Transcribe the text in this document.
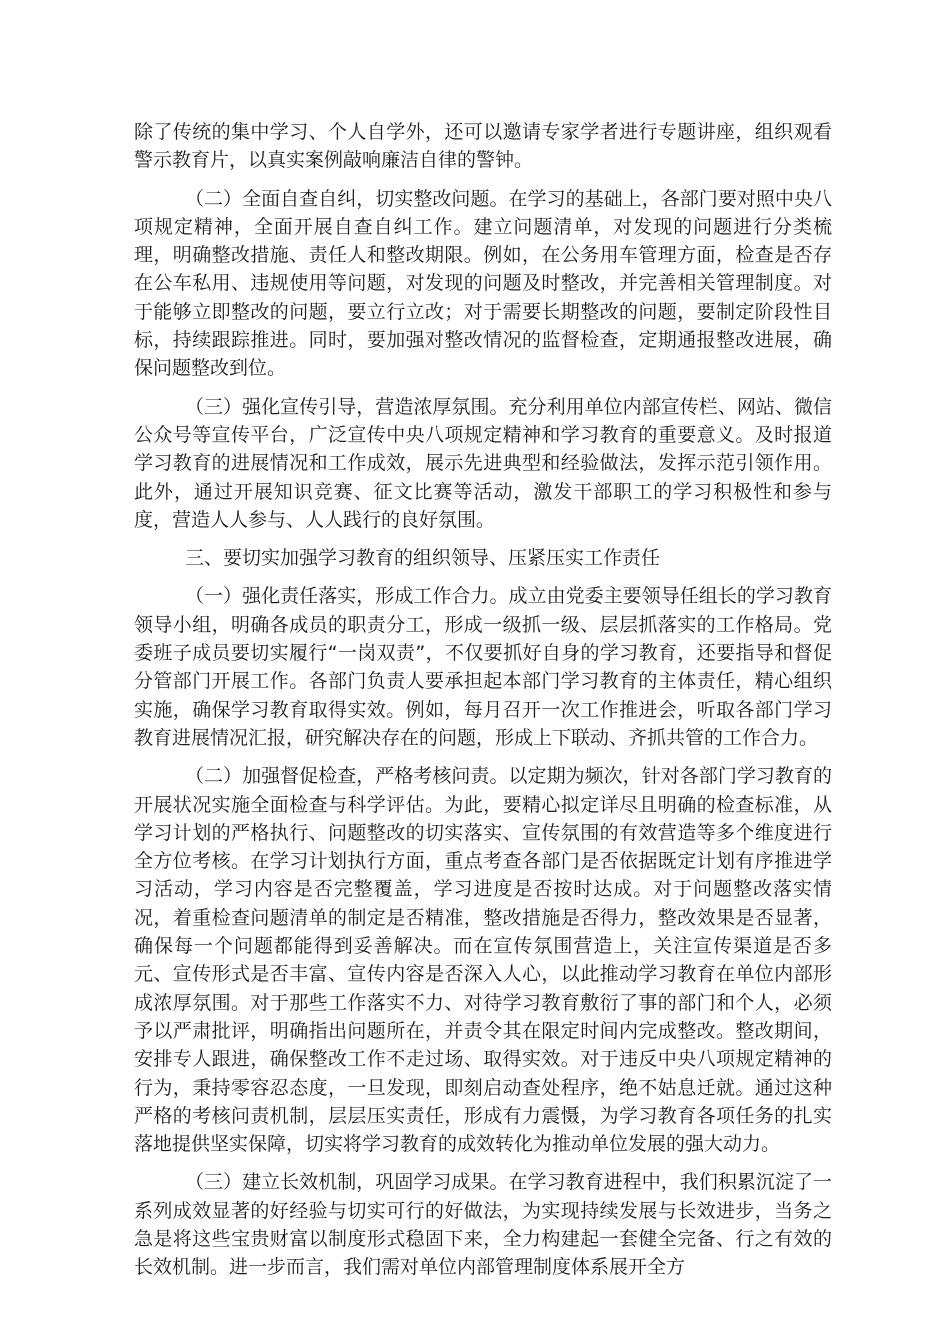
除了传统的集中学习、个人自学外，还可以邀请专家学者进行专题讲座，组织观看警示教育片，以真实案例敲响廉洁自律的警钟。

（二）全面自查自纠，切实整改问题。在学习的基础上，各部门要对照中央八项规定精神，全面开展自查自纠工作。建立问题清单，对发现的问题进行分类梳理，明确整改措施、责任人和整改期限。例如，在公务用车管理方面，检查是否存在公车私用、违规使用等问题，对发现的问题及时整改，并完善相关管理制度。对于能够立即整改的问题，要立行立改；对于需要长期整改的问题，要制定阶段性目标，持续跟踪推进。同时，要加强对整改情况的监督检查，定期通报整改进展，确保问题整改到位。

（三）强化宣传引导，营造浓厚氛围。充分利用单位内部宣传栏、网站、微信公众号等宣传平台，广泛宣传中央八项规定精神和学习教育的重要意义。及时报道学习教育的进展情况和工作成效，展示先进典型和经验做法，发挥示范引领作用。此外，通过开展知识竞赛、征文比赛等活动，激发干部职工的学习积极性和参与度，营造人人参与、人人践行的良好氛围。

三、要切实加强学习教育的组织领导、压紧压实工作责任

（一）强化责任落实，形成工作合力。成立由党委主要领导任组长的学习教育领导小组，明确各成员的职责分工，形成一级抓一级、层层抓落实的工作格局。党委班子成员要切实履行“一岗双责”，不仅要抓好自身的学习教育，还要指导和督促分管部门开展工作。各部门负责人要承担起本部门学习教育的主体责任，精心组织实施，确保学习教育取得实效。例如，每月召开一次工作推进会，听取各部门学习教育进展情况汇报，研究解决存在的问题，形成上下联动、齐抓共管的工作合力。

（二）加强督促检查，严格考核问责。以定期为频次，针对各部门学习教育的开展状况实施全面检查与科学评估。为此，要精心拟定详尽且明确的检查标准，从学习计划的严格执行、问题整改的切实落实、宣传氛围的有效营造等多个维度进行全方位考核。在学习计划执行方面，重点考查各部门是否依据既定计划有序推进学习活动，学习内容是否完整覆盖，学习进度是否按时达成。对于问题整改落实情况，着重检查问题清单的制定是否精准，整改措施是否得力，整改效果是否显著，确保每一个问题都能得到妥善解决。而在宣传氛围营造上，关注宣传渠道是否多元、宣传形式是否丰富、宣传内容是否深入人心，以此推动学习教育在单位内部形成浓厚氛围。对于那些工作落实不力、对待学习教育敷衍了事的部门和个人，必须予以严肃批评，明确指出问题所在，并责令其在限定时间内完成整改。整改期间，安排专人跟进，确保整改工作不走过场、取得实效。对于违反中央八项规定精神的行为，秉持零容忍态度，一旦发现，即刻启动查处程序，绝不姑息迁就。通过这种严格的考核问责机制，层层压实责任，形成有力震慑，为学习教育各项任务的扎实落地提供坚实保障，切实将学习教育的成效转化为推动单位发展的强大动力。

（三）建立长效机制，巩固学习成果。在学习教育进程中，我们积累沉淀了一系列成效显著的好经验与切实可行的好做法，为实现持续发展与长效进步，当务之急是将这些宝贵财富以制度形式稳固下来，全力构建起一套健全完备、行之有效的长效机制。进一步而言，我们需对单位内部管理制度体系展开全方
